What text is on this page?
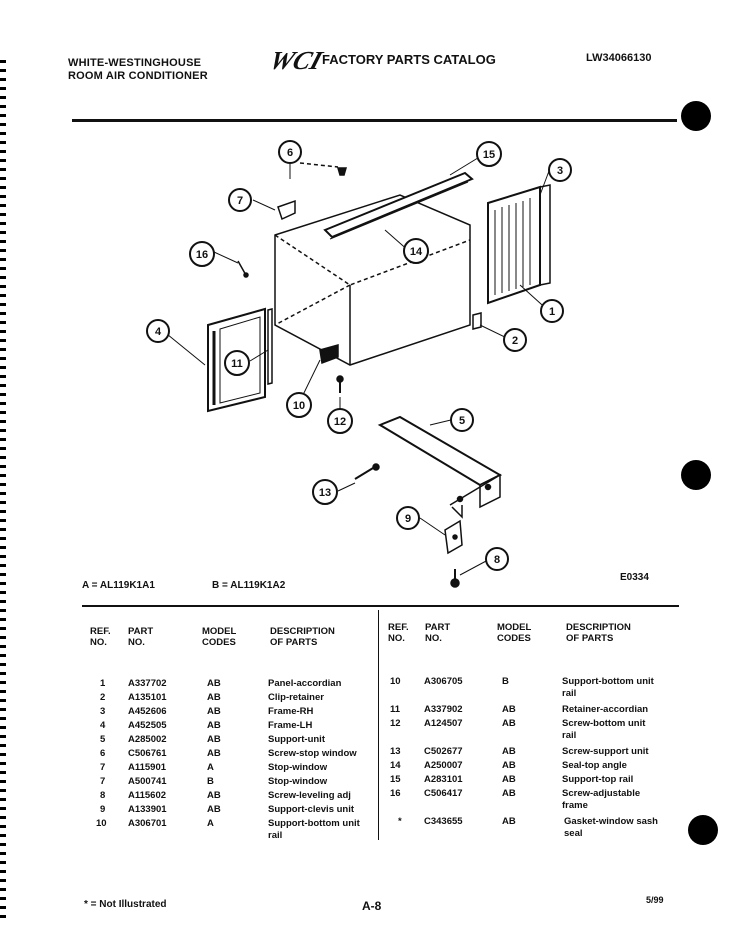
WHITE-WESTINGHOUSE
ROOM AIR CONDITIONER
WCI
FACTORY PARTS CATALOG	LW34066130
6
7
15
3
14
16
1
4
2
11
10
12	5
13
9
8
E0334
A = AL119K1A1	B = AL119K1A2
REF.
NO.
PART
NO.
MODEL
CODES
DESCRIPTION
OF PARTS
REF.
NO.
PART
NO.
MODEL
CODES
DESCRIPTION
OF PARTS
1 A337702	AB	Panel-accordian
2 A135101	AB	Clip-retainer
3 A452606	AB	Frame-RH
4 A452505	AB	Frame-LH
5 A285002	AB	Support-unit
6 C506761	AB	Screw-stop window
7 A115901	A	Stop-window
7 A500741	B	Stop-window
8 A115602	AB	Screw-leveling adj
9 A133901	AB	Support-clevis unit
10 A306701	A	Support-bottom unit
rail
10 A306705	B	Support-bottom unit
rail
11	A337902	AB	Retainer-accordian
12 A124507	AB	Screw-bottom unit
rail
13 C502677	AB	Screw-support unit
14 A250007	AB	Seal-top angle
15 A283101	AB	Support-top rail
16 C506417	AB	Screw-adjustable
frame
* C343655	AB	Gasket-window sash
seal
* = Not Illustrated	A-8	5/99
